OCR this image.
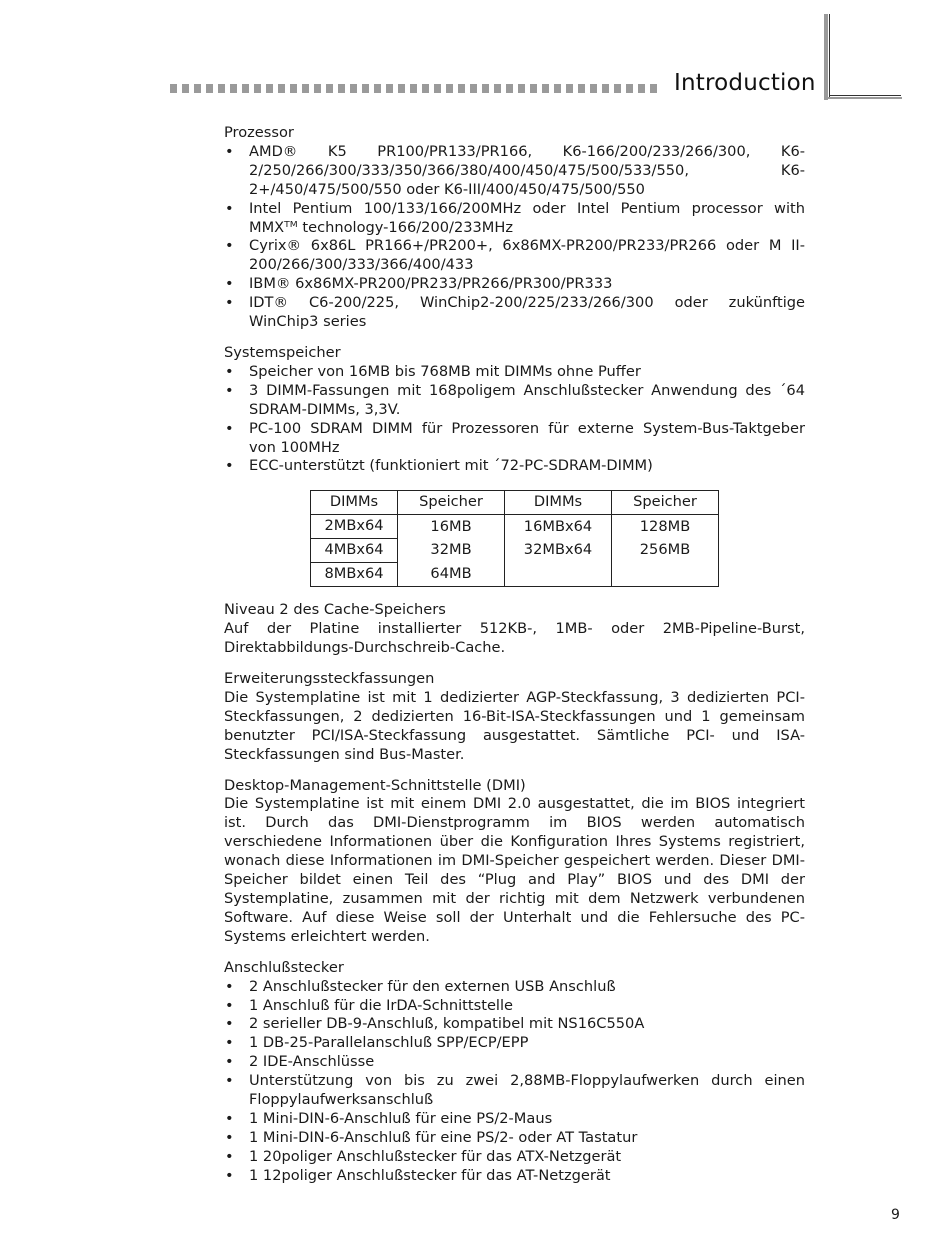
Introduction
Prozessor
• AMD® K5 PR100/PR133/PR166, K6-166/200/233/266/300, K6-2/250/266/300/333/350/366/380/400/450/475/500/533/550, K6-2+/450/475/500/550 oder K6-III/400/450/475/500/550
• Intel Pentium 100/133/166/200MHz oder Intel Pentium processor with MMXᵀᴹ technology-166/200/233MHz
• Cyrix® 6x86L PR166+/PR200+, 6x86MX-PR200/PR233/PR266 oder M II-200/266/300/333/366/400/433
• IBM® 6x86MX-PR200/PR233/PR266/PR300/PR333
• IDT® C6-200/225, WinChip2-200/225/233/266/300 oder zukünftige WinChip3 series
Systemspeicher
• Speicher von 16MB bis 768MB mit DIMMs ohne Puffer
• 3 DIMM-Fassungen mit 168poligem Anschlußstecker Anwendung des ´64 SDRAM-DIMMs, 3,3V.
• PC-100 SDRAM DIMM für Prozessoren für externe System-Bus-Taktgeber von 100MHz
• ECC-unterstützt (funktioniert mit ´72-PC-SDRAM-DIMM)
DIMMs	Speicher	DIMMs	Speicher
2MBx64	16MB	16MBx64	128MB
4MBx64	32MB	32MBx64	256MB
8MBx64	64MB		
Niveau 2 des Cache-Speichers

Auf der Platine installierter 512KB-, 1MB- oder 2MB-Pipeline-Burst, Direktabbildungs-Durchschreib-Cache.

Erweiterungssteckfassungen

Die Systemplatine ist mit 1 dedizierter AGP-Steckfassung, 3 dedizierten PCI-Steckfassungen, 2 dedizierten 16-Bit-ISA-Steckfassungen und 1 gemeinsam benutzter PCI/ISA-Steckfassung ausgestattet. Sämtliche PCI- und ISA-Steckfassungen sind Bus-Master.

Desktop-Management-Schnittstelle (DMI)

Die Systemplatine ist mit einem DMI 2.0 ausgestattet, die im BIOS integriert ist. Durch das DMI-Dienstprogramm im BIOS werden automatisch verschiedene Informationen über die Konfiguration Ihres Systems registriert, wonach diese Informationen im DMI-Speicher gespeichert werden. Dieser DMI-Speicher bildet einen Teil des “Plug and Play” BIOS und des DMI der Systemplatine, zusammen mit der richtig mit dem Netzwerk verbundenen Software. Auf diese Weise soll der Unterhalt und die Fehlersuche des PC-Systems erleichtert werden.

Anschlußstecker
• 2 Anschlußstecker für den externen USB Anschluß
• 1 Anschluß für die IrDA-Schnittstelle
• 2 serieller DB-9-Anschluß, kompatibel mit NS16C550A
• 1 DB-25-Parallelanschluß SPP/ECP/EPP
• 2 IDE-Anschlüsse
• Unterstützung von bis zu zwei 2,88MB-Floppylaufwerken durch einen Floppylaufwerksanschluß
• 1 Mini-DIN-6-Anschluß für eine PS/2-Maus
• 1 Mini-DIN-6-Anschluß für eine PS/2- oder AT Tastatur
• 1 20poliger Anschlußstecker für das ATX-Netzgerät
• 1 12poliger Anschlußstecker für das AT-Netzgerät
9
